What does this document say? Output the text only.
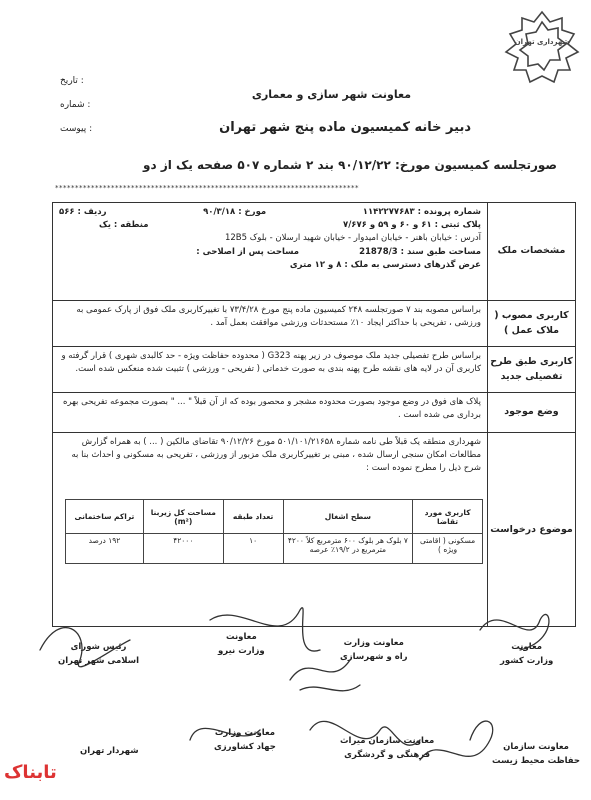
شهرداری تهران
: تاریخ
: شماره
: پیوست
معاونت شهر سازی و معماری
دبیر خانه کمیسیون ماده پنج شهر تهران
صورتجلسه کمیسیون مورخ: ۹۰/۱۲/۲۲ بند ۲ شماره ۵۰۷ صفحه یک از دو
****************************************************************************
مشخصات ملک
شماره پرونده : ۱۱۴۲۲۷۷۶۸۳
مورخ : ۹۰/۳/۱۸
ردیف : ۵۶۶
پلاک ثبتی : ۶۱ و ۶۰ و ۵۹ و ۷/۶۷۶
منطقه : یک
آدرس : خیابان باهنر - خیابان امیدوار - خیابان شهید ارسلان - بلوک 12B5
مساحت طبق سند : 21878/3
مساحت پس از اصلاحی :
عرض گذرهای دسترسی به ملک : ۸ و ۱۲ متری
کاربری مصوب ( ملاک عمل )
براساس مصوبه بند ۷ صورتجلسه ۲۴۸ کمیسیون ماده پنج مورخ ۷۳/۴/۲۸ با تغییرکاربری ملک فوق از پارک عمومی به ورزشی ، تفریحی با حداکثر ایجاد ۱۰٪ مستحدثات ورزشی موافقت بعمل آمد .
کاربری طبق طرح تفصیلی جدید
براساس طرح تفصیلی جدید ملک موصوف در زیر پهنه G323 ( محدوده حفاظت ویژه - حد کالبدی شهری ) قرار گرفته و کاربری آن در لایه های نقشه طرح پهنه بندی به صورت خدماتی ( تفریحی - ورزشی ) تثبیت شده منعکس شده است.
وضع موجود
پلاک های فوق در وضع موجود بصورت محدوده مشجر و محصور بوده که از آن قبلاً " ... " بصورت مجموعه تفریحی بهره برداری می شده است .
موضوع درخواست
شهرداری منطقه یک قبلاً طی نامه شماره ۵۰۱/۱۰۱/۲۱۶۵۸ مورخ ۹۰/۱۲/۲۶ تقاضای مالکین ( ... ) به همراه گزارش مطالعات امکان سنجی ارسال شده ، مبنی بر تغییرکاربری ملک مزبور از ورزشی ، تفریحی به مسکونی و احداث بنا به شرح ذیل را مطرح نموده است :
کاربری مورد تقاضا	سطح اشغال	تعداد طبقه	مساحت کل زیربنا (m²)	تراکم ساختمانی
مسکونی ( اقامتی ویژه )	۷ بلوک هر بلوک ۶۰۰ مترمربع کلاً ۴۲۰۰ مترمربع در ۱۹/۲٪ عرصه	۱۰	۴۲۰۰۰	۱۹۲ درصد
رئیس شورای
اسلامی شهر تهران
معاونت
وزارت نیرو
معاونت وزارت
راه و شهرسازی
معاونت
وزارت کشور
شهردار تهران
معاونت وزارت
جهاد کشاورزی
معاونت سازمان میراث
فرهنگی و گردشگری
معاونت سازمان
حفاظت محیط زیست
تابناک
